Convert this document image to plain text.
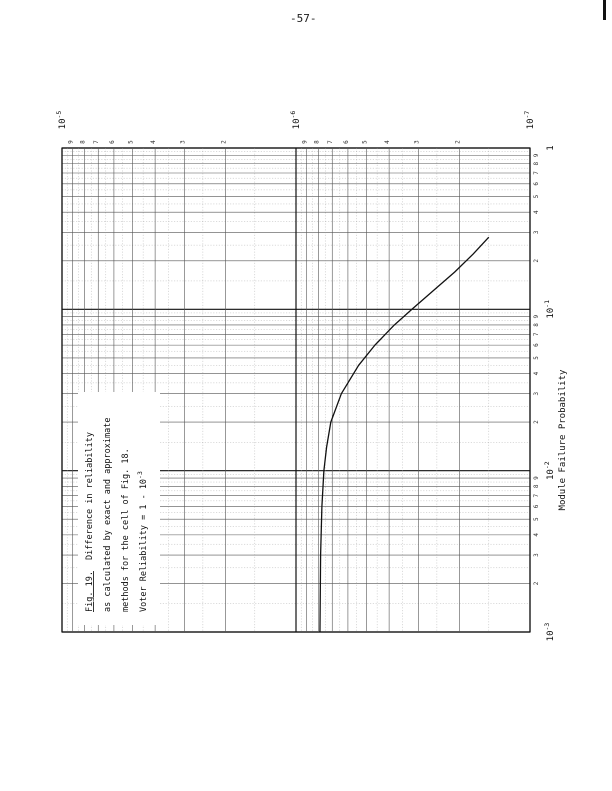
-57-
2
3
4
5
6
7
8
9
2
3
4
5
6
7
8
9
2
3
4
5
6
7
8
9
2
3
4
5
6
7
8
9
2
3
4
5
6
7
8
9
1
$10^{-1}$
$10^{-2}$
$10^{-3}$
$10^{-5}$
$10^{-6}$
$10^{-7}$
Fig. 19.
Difference in reliability as calculated by exact and approximate methods for the cell of Fig. 18. Voter Reliability = $1 - 10^{-3}$	Module Failure Probability
